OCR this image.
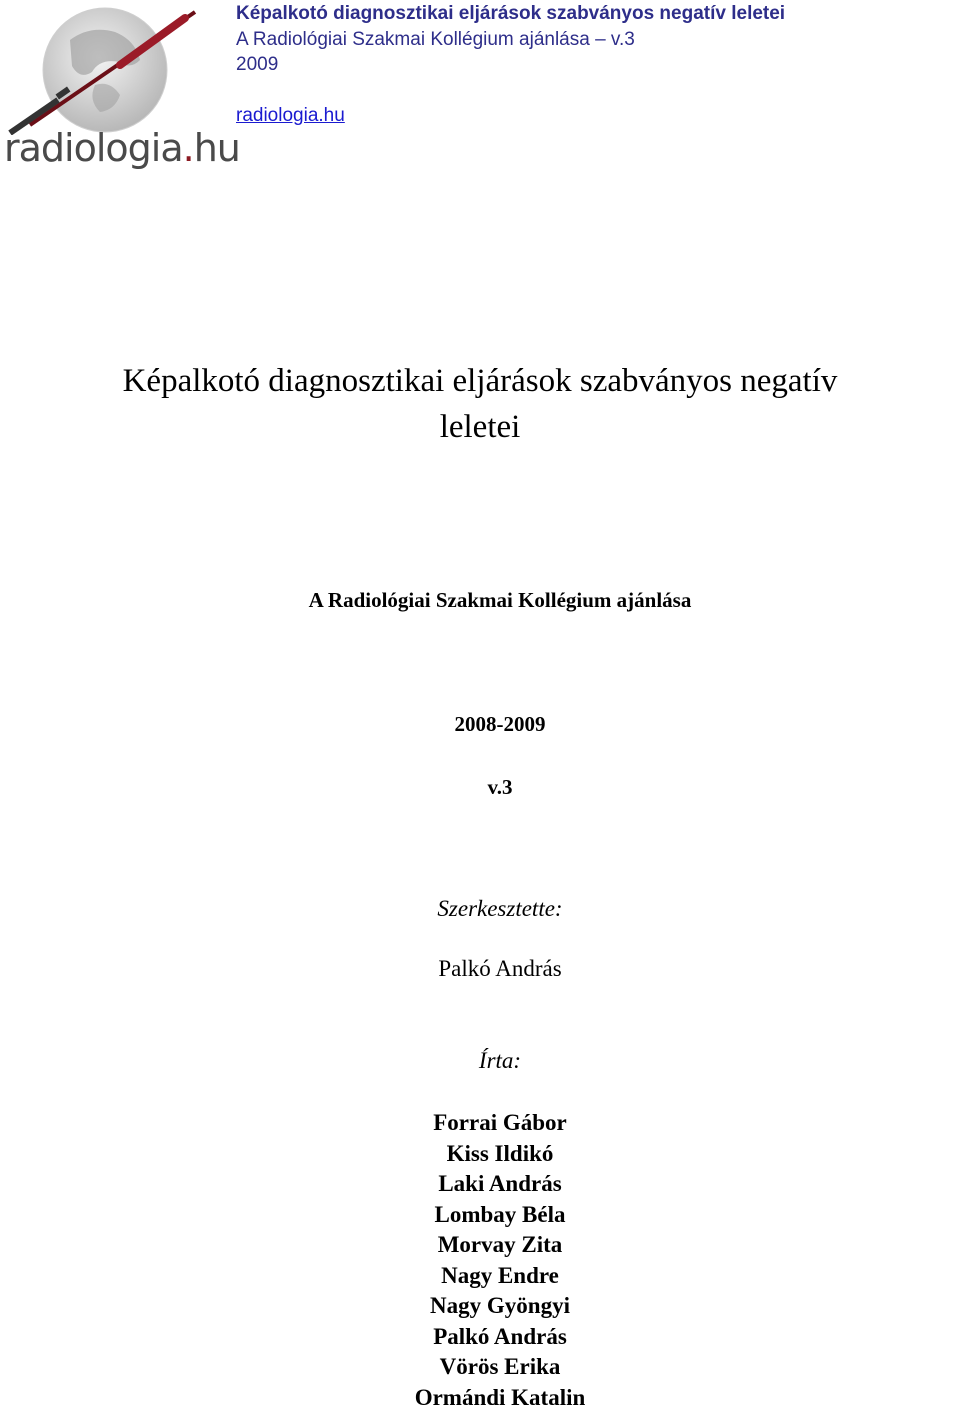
radiologia.hu
Képalkotó diagnosztikai eljárások szabványos negatív leletei
A Radiológiai Szakmai Kollégium ajánlása – v.3
2009
radiologia.hu
Képalkotó diagnosztikai eljárások szabványos negatív
leletei
A Radiológiai Szakmai Kollégium ajánlása
2008-2009
v.3
Szerkesztette:
Palkó András
Írta:
Forrai Gábor
Kiss Ildikó
Laki András
Lombay Béla
Morvay Zita
Nagy Endre
Nagy Gyöngyi
Palkó András
Vörös Erika
Ormándi Katalin
